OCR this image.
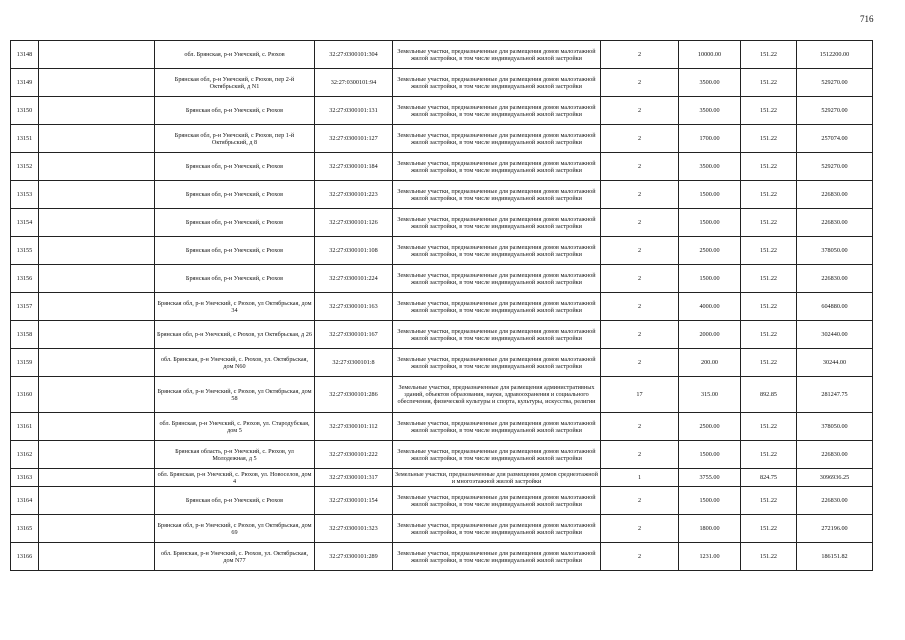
716
13148		обл. Брянская, р-н Унечский, с. Рюхов	32:27:0300101:304	Земельные участки, предназначенные для размещения домов малоэтажной жилой застройки, в том числе индивидуальной жилой застройки	2	10000.00	151.22	1512200.00
13149		Брянская обл, р-н Унечский, с Рюхов, пер 2-й Октябрьский, д N1	32:27:0300101:94	Земельные участки, предназначенные для размещения домов малоэтажной жилой застройки, в том числе индивидуальной жилой застройки	2	3500.00	151.22	529270.00
13150		Брянская обл, р-н Унечский, с Рюхов	32:27:0300101:131	Земельные участки, предназначенные для размещения домов малоэтажной жилой застройки, в том числе индивидуальной жилой застройки	2	3500.00	151.22	529270.00
13151		Брянская обл, р-н Унечский, с Рюхов, пер 1-й Октябрьский, д 8	32:27:0300101:127	Земельные участки, предназначенные для размещения домов малоэтажной жилой застройки, в том числе индивидуальной жилой застройки	2	1700.00	151.22	257074.00
13152		Брянская обл, р-н Унечский, с Рюхов	32:27:0300101:184	Земельные участки, предназначенные для размещения домов малоэтажной жилой застройки, в том числе индивидуальной жилой застройки	2	3500.00	151.22	529270.00
13153		Брянская обл, р-н Унечский, с Рюхов	32:27:0300101:223	Земельные участки, предназначенные для размещения домов малоэтажной жилой застройки, в том числе индивидуальной жилой застройки	2	1500.00	151.22	226830.00
13154		Брянская обл, р-н Унечский, с Рюхов	32:27:0300101:126	Земельные участки, предназначенные для размещения домов малоэтажной жилой застройки, в том числе индивидуальной жилой застройки	2	1500.00	151.22	226830.00
13155		Брянская обл, р-н Унечский, с Рюхов	32:27:0300101:108	Земельные участки, предназначенные для размещения домов малоэтажной жилой застройки, в том числе индивидуальной жилой застройки	2	2500.00	151.22	378050.00
13156		Брянская обл, р-н Унечский, с Рюхов	32:27:0300101:224	Земельные участки, предназначенные для размещения домов малоэтажной жилой застройки, в том числе индивидуальной жилой застройки	2	1500.00	151.22	226830.00
13157		Брянская обл, р-н Унечский, с Рюхов, ул Октябрьская, дом 34	32:27:0300101:163	Земельные участки, предназначенные для размещения домов малоэтажной жилой застройки, в том числе индивидуальной жилой застройки	2	4000.00	151.22	604880.00
13158		Брянская обл, р-н Унечский, с Рюхов, ул Октябрьская, д 26	32:27:0300101:167	Земельные участки, предназначенные для размещения домов малоэтажной жилой застройки, в том числе индивидуальной жилой застройки	2	2000.00	151.22	302440.00
13159		обл. Брянская, р-н Унечский, с. Рюхов, ул. Октябрьская, дом N60	32:27:0300101:8	Земельные участки, предназначенные для размещения домов малоэтажной жилой застройки, в том числе индивидуальной жилой застройки	2	200.00	151.22	30244.00
13160		Брянская обл, р-н Унечский, с Рюхов, ул Октябрьская, дом 58	32:27:0300101:286	Земельные участки, предназначенные для размещения административных зданий, объектов образования, науки, здравоохранения и социального обеспечения, физической культуры и спорта, культуры, искусства, религии	17	315.00	892.85	281247.75
13161		обл. Брянская, р-н Унечский, с. Рюхов, ул. Стародубская, дом 5	32:27:0300101:112	Земельные участки, предназначенные для размещения домов малоэтажной жилой застройки, в том числе индивидуальной жилой застройки	2	2500.00	151.22	378050.00
13162		Брянская область, р-н Унечский, с. Рюхов, ул Молодежная, д 5	32:27:0300101:222	Земельные участки, предназначенные для размещения домов малоэтажной жилой застройки, в том числе индивидуальной жилой застройки	2	1500.00	151.22	226830.00
13163		обл. Брянская, р-н Унечский, с. Рюхов, ул. Новоселов, дом 4	32:27:0300101:317	Земельные участки, предназначенные для размещения домов среднеэтажной и многоэтажной жилой застройки	1	3755.00	824.75	3096936.25
13164		Брянская обл, р-н Унечский, с Рюхов	32:27:0300101:154	Земельные участки, предназначенные для размещения домов малоэтажной жилой застройки, в том числе индивидуальной жилой застройки	2	1500.00	151.22	226830.00
13165		Брянская обл, р-н Унечский, с Рюхов, ул Октябрьская, дом 69	32:27:0300101:323	Земельные участки, предназначенные для размещения домов малоэтажной жилой застройки, в том числе индивидуальной жилой застройки	2	1800.00	151.22	272196.00
13166		обл. Брянская, р-н Унечский, с. Рюхов, ул. Октябрьская, дом N77	32:27:0300101:289	Земельные участки, предназначенные для размещения домов малоэтажной жилой застройки, в том числе индивидуальной жилой застройки	2	1231.00	151.22	186151.82
